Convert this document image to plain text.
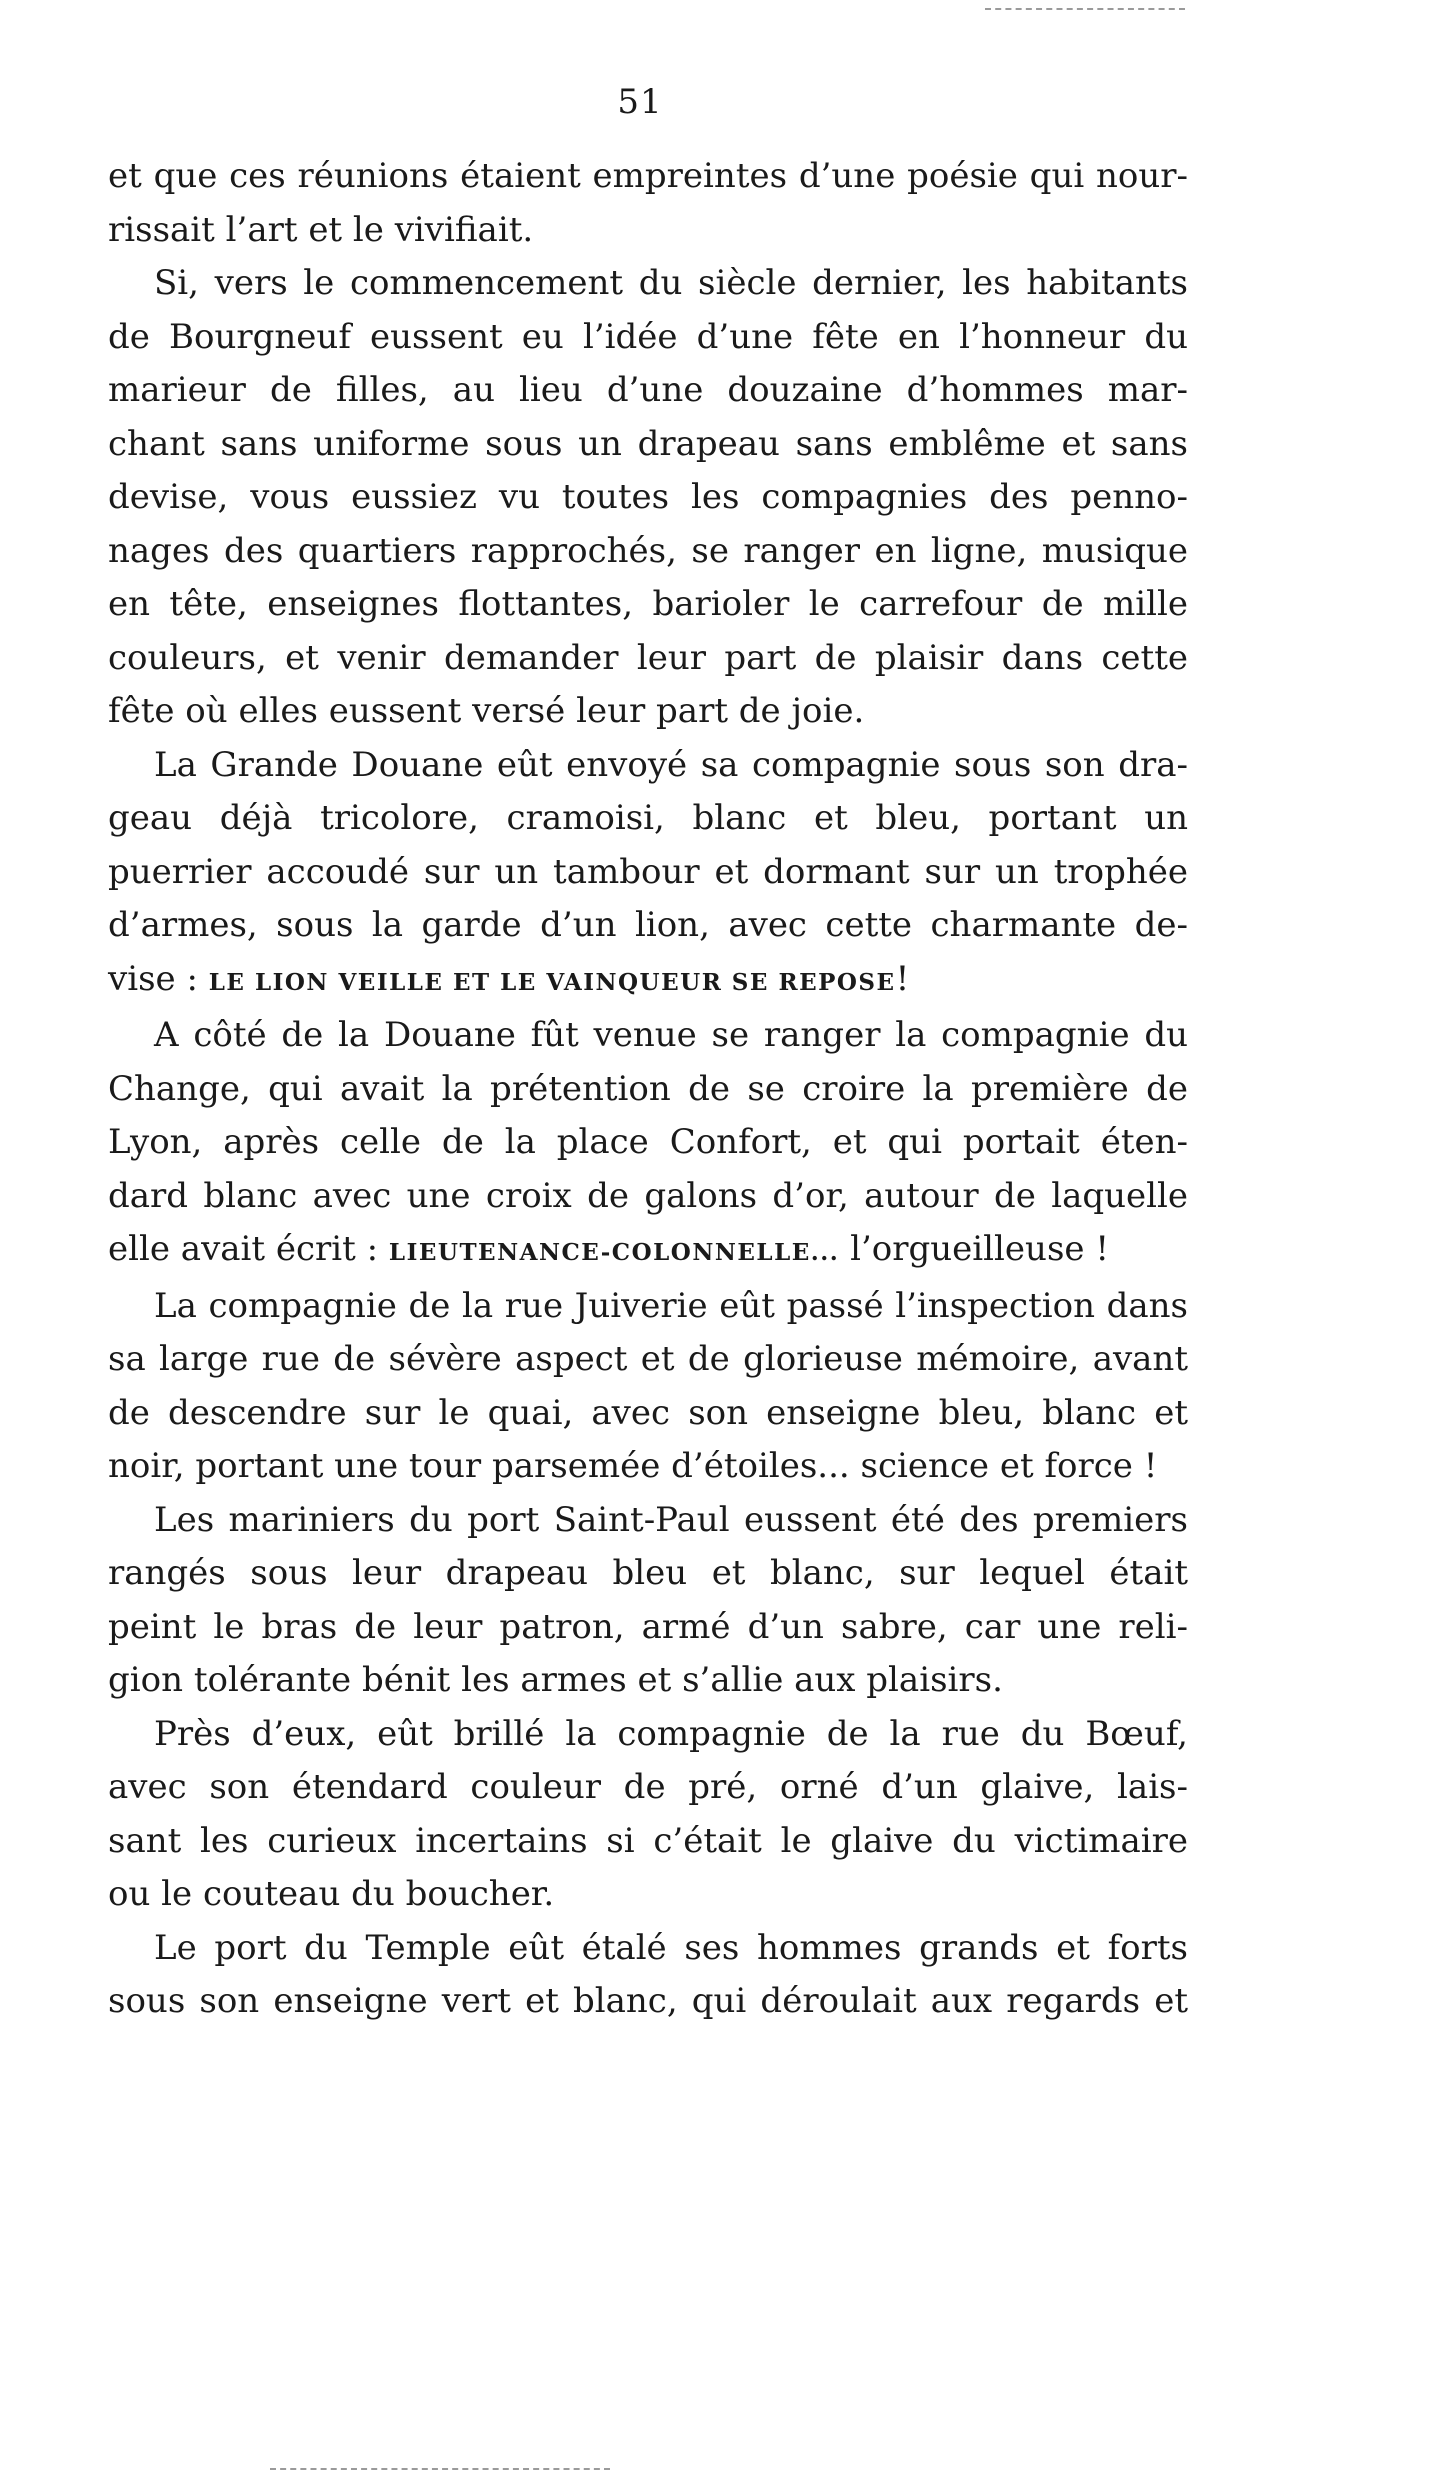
51

et que ces réunions étaient empreintes d’une poésie qui nour-
rissait l’art et le vivifiait.

Si, vers le commencement du siècle dernier, les habitants
de Bourgneuf eussent eu l’idée d’une fête en l’honneur du
marieur de filles, au lieu d’une douzaine d’hommes mar-
chant sans uniforme sous un drapeau sans emblême et sans
devise, vous eussiez vu toutes les compagnies des penno-
nages des quartiers rapprochés, se ranger en ligne, musique
en tête, enseignes flottantes, barioler le carrefour de mille
couleurs, et venir demander leur part de plaisir dans cette
fête où elles eussent versé leur part de joie.

La Grande Douane eût envoyé sa compagnie sous son dra-
geau déjà tricolore, cramoisi, blanc et bleu, portant un
puerrier accoudé sur un tambour et dormant sur un trophée
d’armes, sous la garde d’un lion, avec cette charmante de-
vise : LE LION VEILLE ET LE VAINQUEUR SE REPOSE!

A côté de la Douane fût venue se ranger la compagnie du
Change, qui avait la prétention de se croire la première de
Lyon, après celle de la place Confort, et qui portait éten-
dard blanc avec une croix de galons d’or, autour de laquelle
elle avait écrit : LIEUTENANCE-COLONNELLE... l’orgueilleuse !

La compagnie de la rue Juiverie eût passé l’inspection dans
sa large rue de sévère aspect et de glorieuse mémoire, avant
de descendre sur le quai, avec son enseigne bleu, blanc et
noir, portant une tour parsemée d’étoiles... science et force !

Les mariniers du port Saint-Paul eussent été des premiers
rangés sous leur drapeau bleu et blanc, sur lequel était
peint le bras de leur patron, armé d’un sabre, car une reli-
gion tolérante bénit les armes et s’allie aux plaisirs.

Près d’eux, eût brillé la compagnie de la rue du Bœuf,
avec son étendard couleur de pré, orné d’un glaive, lais-
sant les curieux incertains si c’était le glaive du victimaire
ou le couteau du boucher.

Le port du Temple eût étalé ses hommes grands et forts
sous son enseigne vert et blanc, qui déroulait aux regards et
